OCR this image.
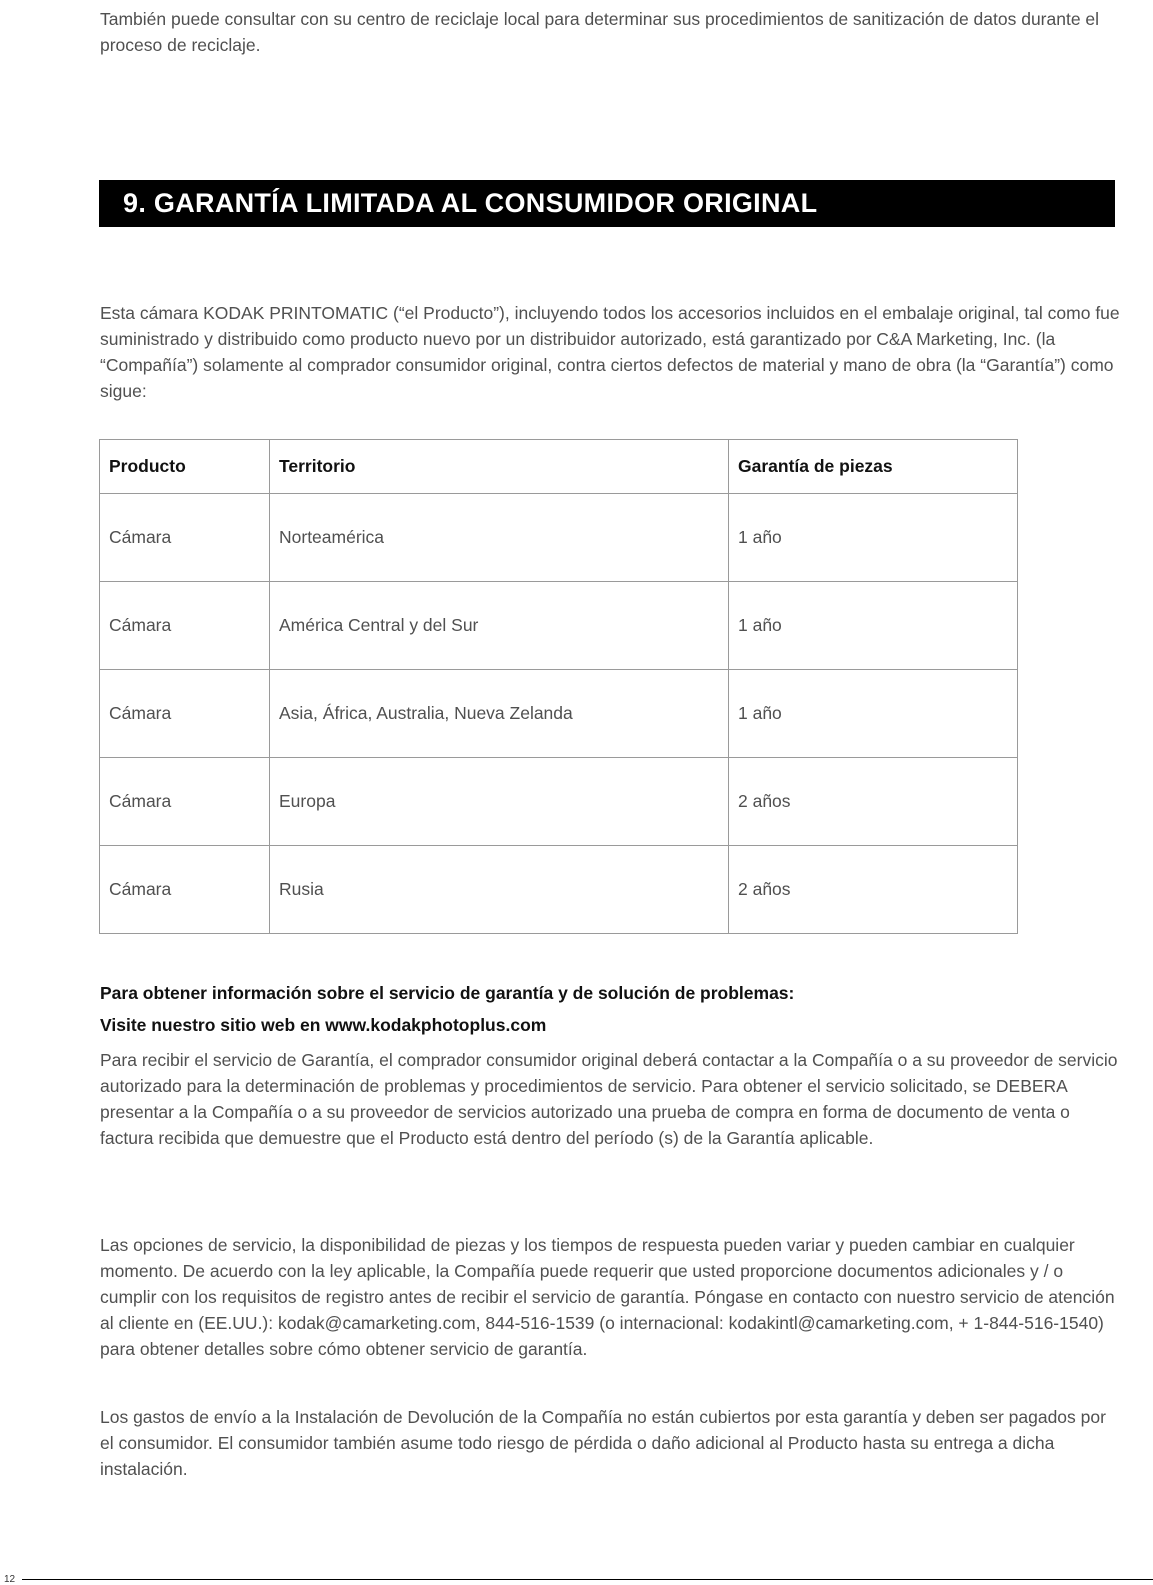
También puede consultar con su centro de reciclaje local para determinar sus procedimientos de sanitización de datos durante el proceso de reciclaje.

9. GARANTÍA LIMITADA AL CONSUMIDOR ORIGINAL

Esta cámara KODAK PRINTOMATIC (“el Producto”), incluyendo todos los accesorios incluidos en el embalaje original, tal como fue suministrado y distribuido como producto nuevo por un distribuidor autorizado, está garantizado por C&A Marketing, Inc. (la “Compañía”) solamente al comprador consumidor original, contra ciertos defectos de material y mano de obra (la “Garantía”) como sigue:

Producto	Territorio	Garantía de piezas
Cámara	Norteamérica	1 año
Cámara	América Central y del Sur	1 año
Cámara	Asia, África, Australia, Nueva Zelanda	1 año
Cámara	Europa	2 años
Cámara	Rusia	2 años

Para obtener información sobre el servicio de garantía y de solución de problemas:

Visite nuestro sitio web en www.kodakphotoplus.com

Para recibir el servicio de Garantía, el comprador consumidor original deberá contactar a la Compañía o a su proveedor de servicio autorizado para la determinación de problemas y procedimientos de servicio. Para obtener el servicio solicitado, se DEBERA presentar a la Compañía o a su proveedor de servicios autorizado una prueba de compra en forma de documento de venta o factura recibida que demuestre que el Producto está dentro del período (s) de la Garantía aplicable.

Las opciones de servicio, la disponibilidad de piezas y los tiempos de respuesta pueden variar y pueden cambiar en cualquier momento. De acuerdo con la ley aplicable, la Compañía puede requerir que usted proporcione documentos adicionales y / o cumplir con los requisitos de registro antes de recibir el servicio de garantía. Póngase en contacto con nuestro servicio de atención al cliente en (EE.UU.): kodak@camarketing.com, 844-516-1539 (o internacional: kodakintl@camarketing.com, + 1-844-516-1540) para obtener detalles sobre cómo obtener servicio de garantía.

Los gastos de envío a la Instalación de Devolución de la Compañía no están cubiertos por esta garantía y deben ser pagados por el consumidor. El consumidor también asume todo riesgo de pérdida o daño adicional al Producto hasta su entrega a dicha instalación.

12
